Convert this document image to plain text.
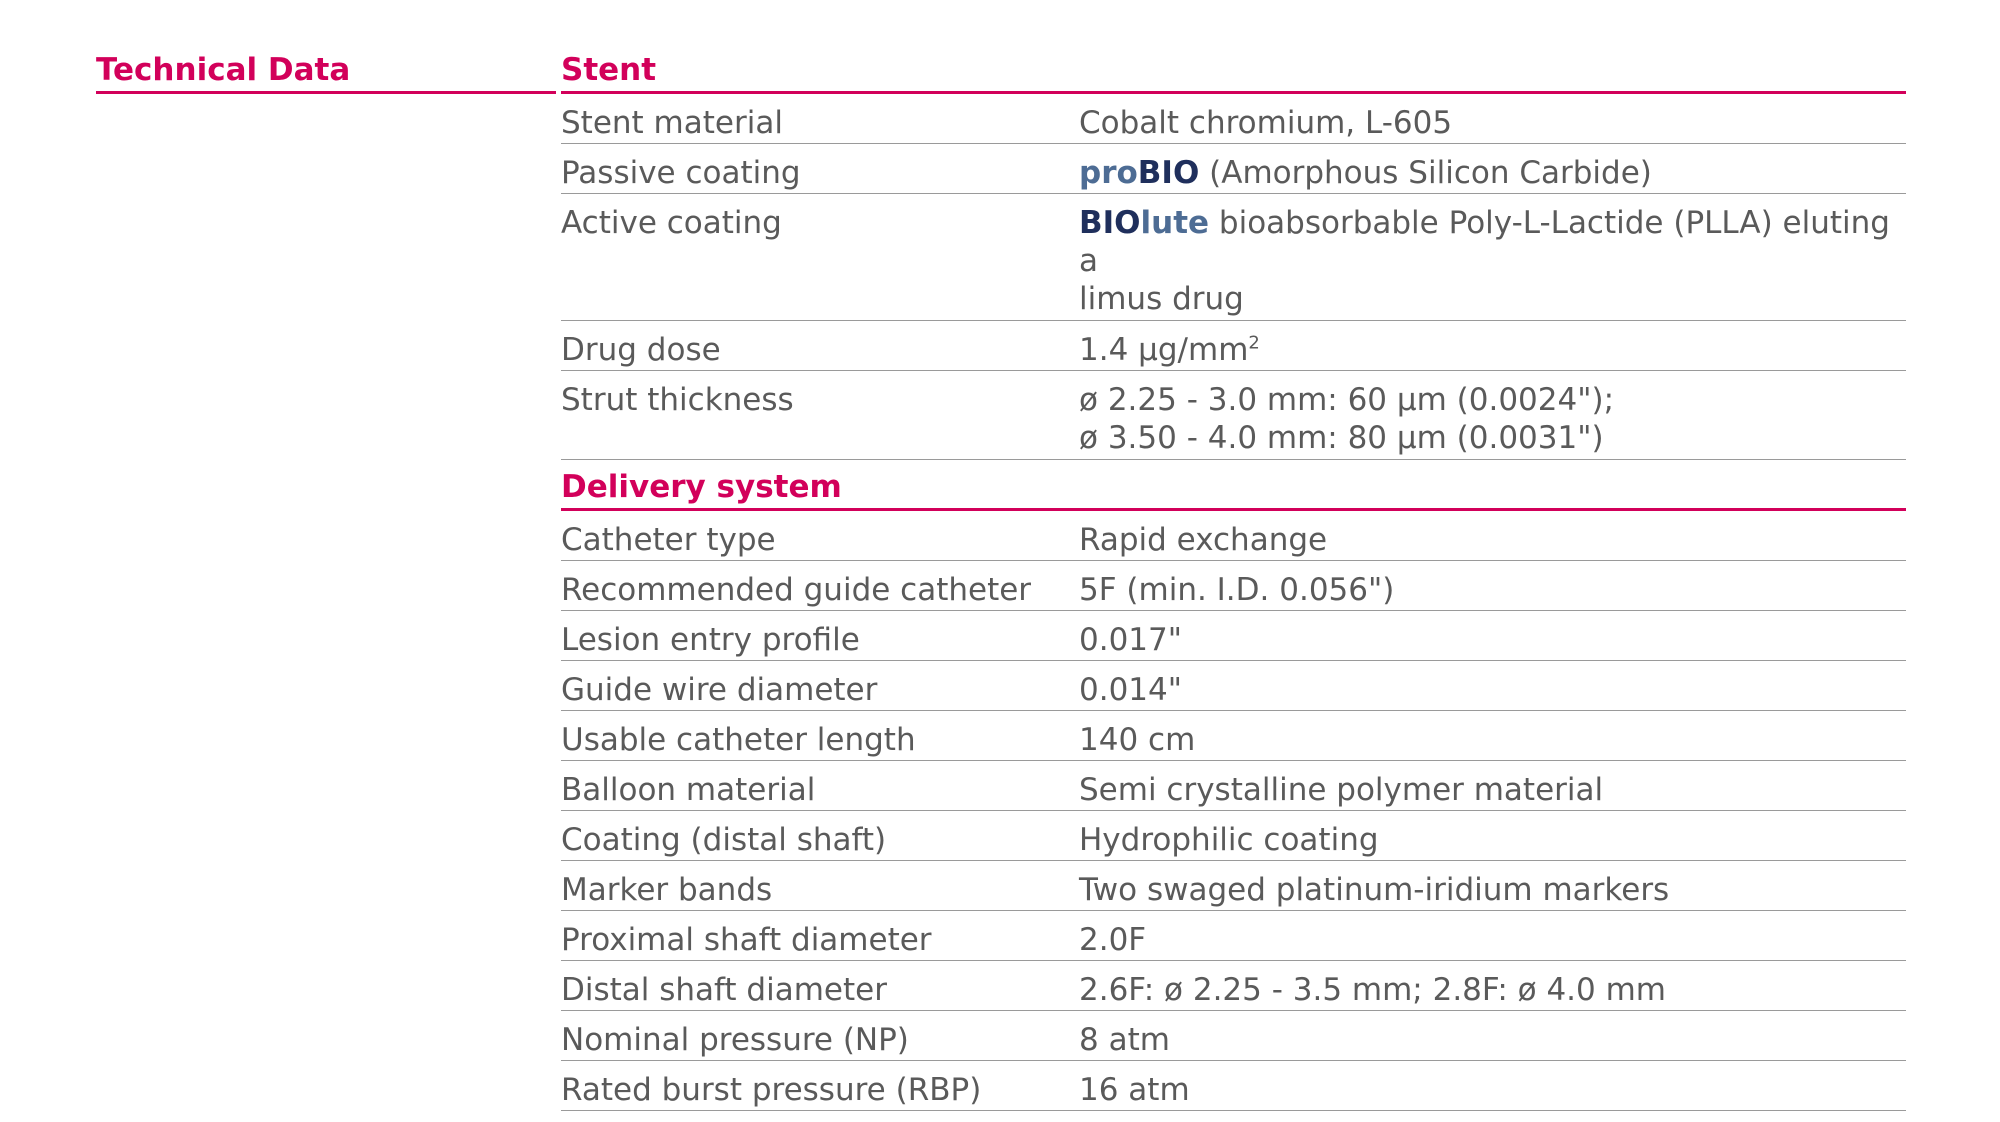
Technical Data	Stent
Stent material	Cobalt chromium, L-605
Passive coating	proBIO (Amorphous Silicon Carbide)
Active coating	BIOlute bioabsorbable Poly-L-Lactide (PLLA) eluting a
limus drug
Drug dose	1.4 $\mu g/mm^2$
Strut thickness	ø 2.25 - 3.0 mm: 60 µm (0.0024");
ø 3.50 - 4.0 mm: 80 µm (0.0031")
Delivery system
Catheter type	Rapid exchange
Recommended guide catheter	5F (min. I.D. 0.056")
Lesion entry profile	0.017"
Guide wire diameter	0.014"
Usable catheter length	140 cm
Balloon material	Semi crystalline polymer material
Coating (distal shaft)	Hydrophilic coating
Marker bands	Two swaged platinum-iridium markers
Proximal shaft diameter	2.0F
Distal shaft diameter	2.6F: ø 2.25 - 3.5 mm; 2.8F: ø 4.0 mm
Nominal pressure (NP)	8 atm
Rated burst pressure (RBP)	16 atm
